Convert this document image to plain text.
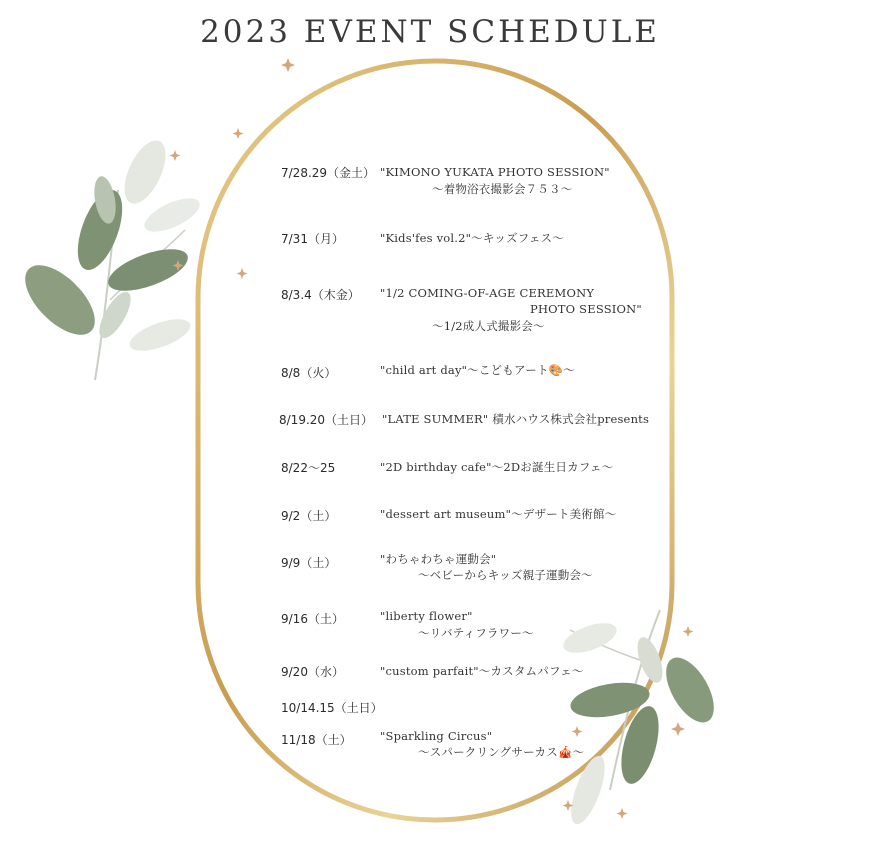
2023 EVENT SCHEDULE
7/28.29（金土） "KIMONO YUKATA PHOTO SESSION"
〜着物浴衣撮影会７５３〜
7/31（月）	"Kids'fes vol.2"〜キッズフェス〜
8/3.4（木金） "1/2 COMING-OF-AGE CEREMONY
PHOTO SESSION"
〜1/2成人式撮影会〜
8/8（火）	"child art day"〜こどもアート🎨〜
8/19.20（土日） "LATE SUMMER" 積水ハウス株式会社presents
8/22〜25	"2D birthday cafe"〜2Dお誕生日カフェ〜
9/2（土）	"dessert art museum"〜デザート美術館〜
9/9（土）	"わちゃわちゃ運動会"
〜ベビーからキッズ親子運動会〜
9/16（土）	"liberty flower"
〜リバティフラワー〜
9/20（水）	"custom parfait"〜カスタムパフェ〜
10/14.15（土日）
11/18（土） "Sparkling Circus"
〜スパークリングサーカス🎪〜
